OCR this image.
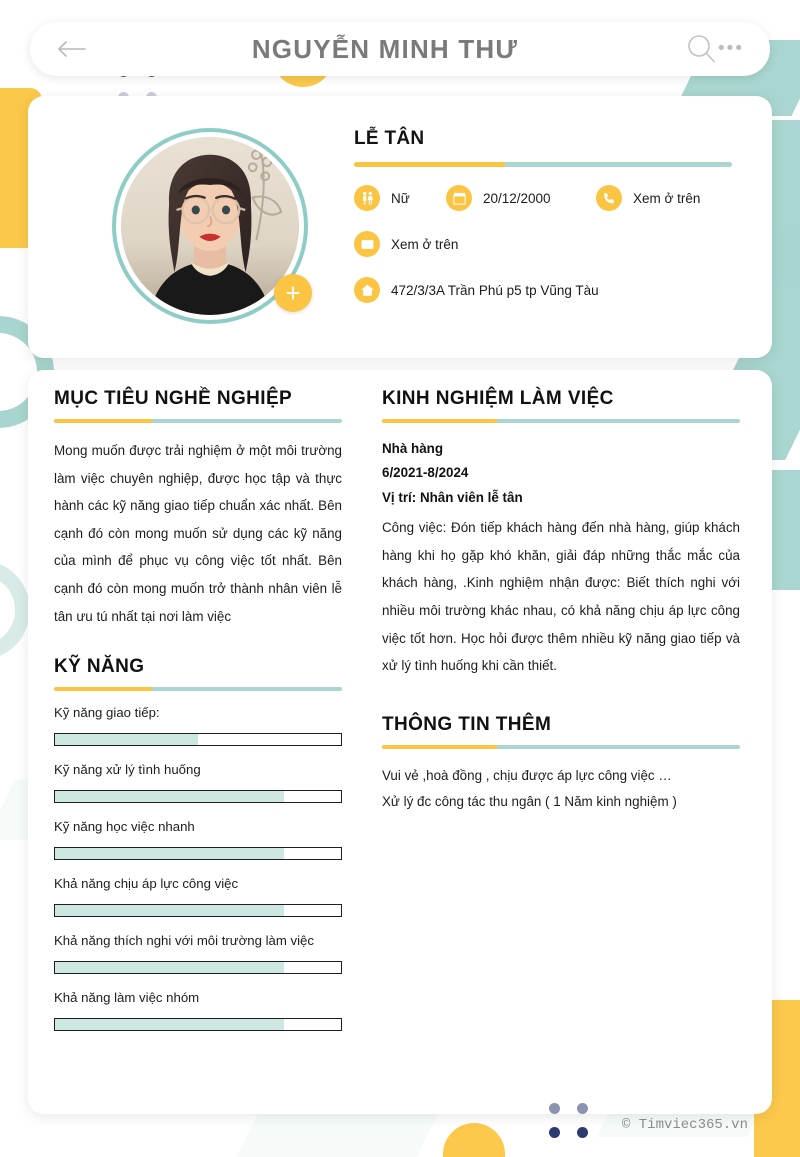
NGUYỄN MINH THƯ	•••
+
LỄ TÂN
Nữ	20/12/2000	Xem ở trên
Xem ở trên
472/3/3A Trần Phú p5 tp Vũng Tàu
MỤC TIÊU NGHỀ NGHIỆP
Mong muốn được trải nghiệm ở một môi trường làm việc chuyên nghiệp, được học tập và thực hành các kỹ năng giao tiếp chuẩn xác nhất. Bên cạnh đó còn mong muốn sử dụng các kỹ năng của mình để phục vụ công việc tốt nhất. Bên cạnh đó còn mong muốn trở thành nhân viên lễ tân ưu tú nhất tại nơi làm việc
KỸ NĂNG
Kỹ năng giao tiếp:
Kỹ năng xử lý tình huống
Kỹ năng học việc nhanh
Khả năng chịu áp lực công việc
Khả năng thích nghi với môi trường làm việc
Khả năng làm việc nhóm
KINH NGHIỆM LÀM VIỆC
Nhà hàng
6/2021-8/2024
Vị trí: Nhân viên lễ tân
Công việc: Đón tiếp khách hàng đến nhà hàng, giúp khách hàng khi họ gặp khó khăn, giải đáp những thắc mắc của khách hàng, .Kinh nghiệm nhận được: Biết thích nghi với nhiều môi trường khác nhau, có khả năng chịu áp lực công việc tốt hơn. Học hỏi được thêm nhiều kỹ năng giao tiếp và xử lý tình huống khi cần thiết.
THÔNG TIN THÊM
Vui vẻ ,hoà đồng , chịu được áp lực công việc …
Xử lý đc công tác thu ngân ( 1 Năm kinh nghiệm )
© Timviec365.vn
